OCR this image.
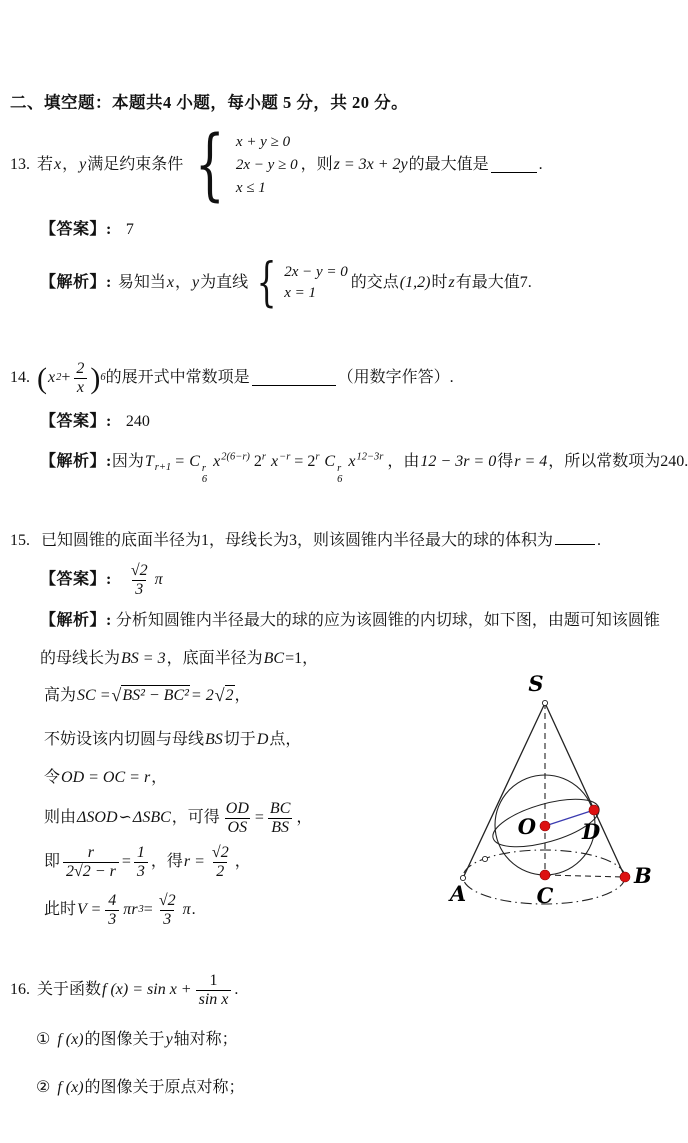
二、填空题：本题共4 小题，每小题 5 分，共 20 分。
13. 若 x ， y 满足约束条件 { x + y ≥ 0
2x − y ≥ 0
x ≤ 1
，则 z = 3x + 2y 的最大值是	.
【答案】: 7
【解析】: 易知当 x ， y 为直线 { 2x − y = 0
x = 1
的交点 (1,2) 时 z 有最大值 7 .
14. ( x $2 + \frac{2}{x}$ ) 6 的展开式中常数项是	（用数字作答）.
【答案】: 240
【解析】:因为$T_{r+1} = C$ r
6
$x^{2(6-r)}$ 2$^r$ $x^{-r} = 2^r$ C r
6
$x^{12-3r}$ ，由12 − 3r = 0得r = 4，所以常数项为240.
15. 已知圆锥的底面半径为1，母线长为3，则该圆锥内半径最大的球的体积为	.
【答案】: $\frac{√2}{3}$ π
【解析】: 分析知圆锥内半径最大的球的应为该圆锥的内切球，如下图，由题可知该圆锥的母线长为BS = 3，底面半径为BC=1，
高为 SC = √ BS² − BC² = 2 √ 2 ，
不妨设该内切圆与母线BS切于D点，
令OD = OC = r，
则由 ΔSOD ∽ ΔSBC ，可得 $\frac{OD}{OS} = \frac{BC}{BS}$ ，
即 $\frac{r}{2√2 - r} = \frac{1}{3}$ ，得 $r = \frac{√2}{2}$ ，
此时 $V = \frac{4}{3}$ πr $3 = \frac{√2}{3}$ π .
S
A
B
C
O D
16. 关于函数 f $(x) = \sin x + \frac{1}{\text{sin x}}$ .
① f (x)的图像关于y轴对称；
② f (x)的图像关于原点对称；
